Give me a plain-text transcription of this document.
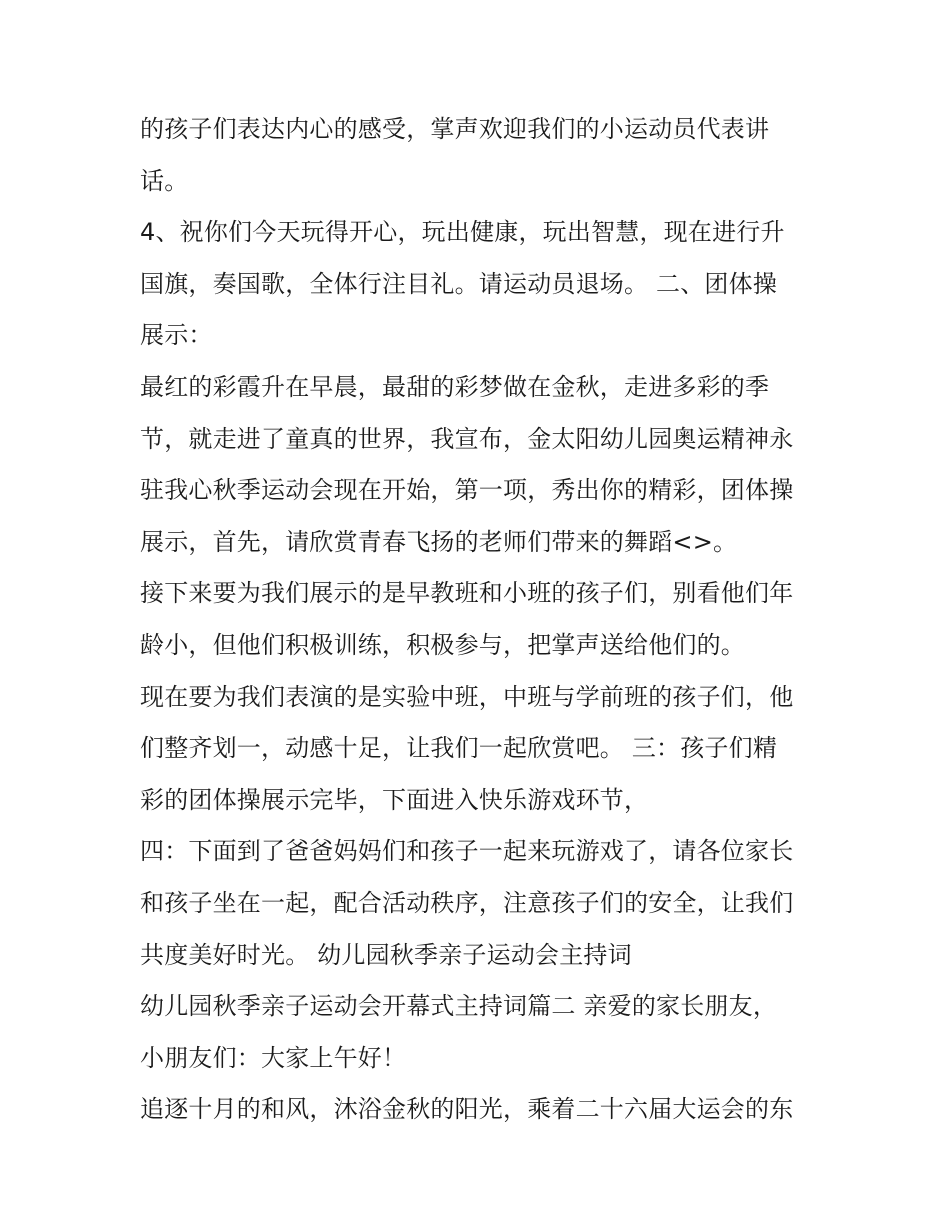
的孩子们表达内心的感受，掌声欢迎我们的小运动员代表讲
话。
4、祝你们今天玩得开心，玩出健康，玩出智慧，现在进行升
国旗，奏国歌，全体行注目礼。请运动员退场。 二、团体操
展示：
最红的彩霞升在早晨，最甜的彩梦做在金秋，走进多彩的季
节，就走进了童真的世界，我宣布，金太阳幼儿园奥运精神永
驻我心秋季运动会现在开始，第一项，秀出你的精彩，团体操
展示，首先，请欣赏青春飞扬的老师们带来的舞蹈<>。
接下来要为我们展示的是早教班和小班的孩子们，别看他们年
龄小，但他们积极训练，积极参与，把掌声送给他们的。
现在要为我们表演的是实验中班，中班与学前班的孩子们，他
们整齐划一，动感十足，让我们一起欣赏吧。 三：孩子们精
彩的团体操展示完毕，下面进入快乐游戏环节，
四：下面到了爸爸妈妈们和孩子一起来玩游戏了，请各位家长
和孩子坐在一起，配合活动秩序，注意孩子们的安全，让我们
共度美好时光。 幼儿园秋季亲子运动会主持词
幼儿园秋季亲子运动会开幕式主持词篇二 亲爱的家长朋友，
小朋友们：大家上午好！
追逐十月的和风，沐浴金秋的阳光，乘着二十六届大运会的东
